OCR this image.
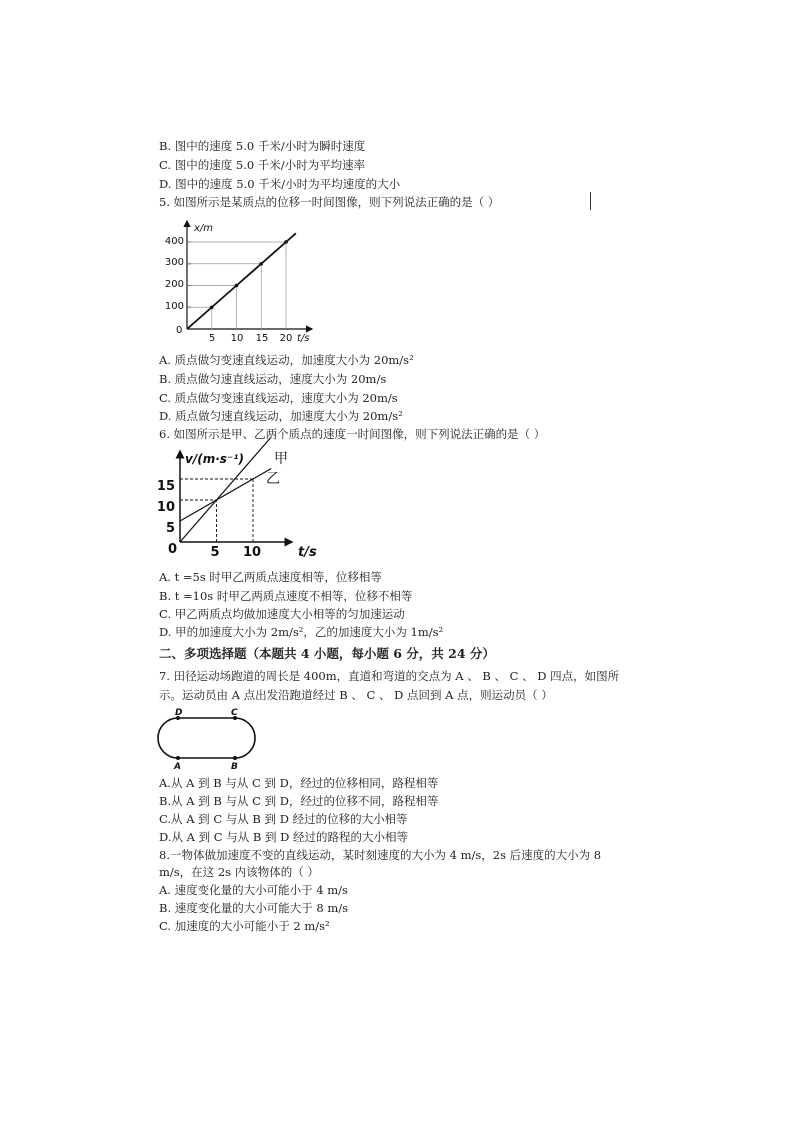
B. 图中的速度 5.0 千米/小时为瞬时速度
C. 图中的速度 5.0 千米/小时为平均速率
D. 图中的速度 5.0 千米/小时为平均速度的大小
5. 如图所示是某质点的位移一时间图像，则下列说法正确的是（ ）
x/m
t/s
0
5 10 15 20
100
200
300
400
A. 质点做匀变速直线运动，加速度大小为 20m/s²
B. 质点做匀速直线运动，速度大小为 20m/s
C. 质点做匀变速直线运动，速度大小为 20m/s
D. 质点做匀速直线运动，加速度大小为 20m/s²
6. 如图所示是甲、乙两个质点的速度一时间图像，则下列说法正确的是（ ）
v/(m·s⁻¹)
t/s
0	5 10
5
10
15
甲
乙
A. t =5s 时甲乙两质点速度相等，位移相等
B. t =10s 时甲乙两质点速度不相等，位移不相等
C. 甲乙两质点均做加速度大小相等的匀加速运动
D. 甲的加速度大小为 2m/s²，乙的加速度大小为 1m/s²
二、多项选择题（本题共 4 小题，每小题 6 分，共 24 分）
7. 田径运动场跑道的周长是 400m，直道和弯道的交点为 A 、 B 、 C 、 D 四点，如图所
示。运动员由 A 点出发沿跑道经过 B 、 C 、 D 点回到 A 点，则运动员（ ）
D	C
A	B
A.从 A 到 B 与从 C 到 D，经过的位移相同，路程相等
B.从 A 到 B 与从 C 到 D，经过的位移不同，路程相等
C.从 A 到 C 与从 B 到 D 经过的位移的大小相等
D.从 A 到 C 与从 B 到 D 经过的路程的大小相等
8.一物体做加速度不变的直线运动，某时刻速度的大小为 4 m/s，2s 后速度的大小为 8
m/s，在这 2s 内该物体的（ ）
A. 速度变化量的大小可能小于 4 m/s
B. 速度变化量的大小可能大于 8 m/s
C. 加速度的大小可能小于 2 m/s²
